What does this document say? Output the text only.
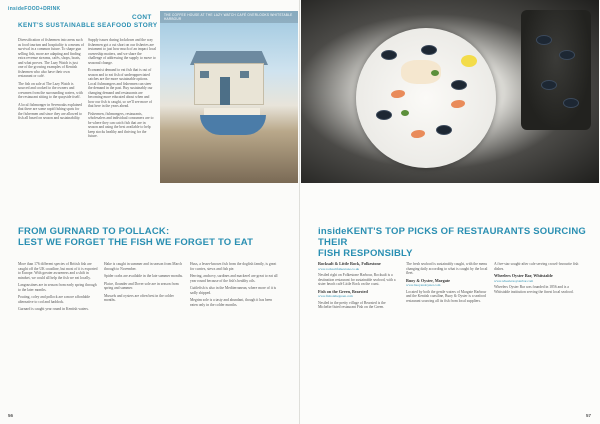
insideFOOD+DRINK
KENT'S SUSTAINABLE SEAFOOD STORY
CONT

Diversification of fishermen into areas such as food tourism and hospitality is a means of survival in a common future. To shape gun selling fish, more are adapting and finding extra revenue streams, cafés, shops, boats, and what proves. The Lazy Watch is just one of the growing examples of Kentish fishermen who also have their own restaurant or café.

The fish on sale at The Lazy Watch is sourced and cooked to the owners and crewmen from the surrounding waters, with the restaurant sitting to the quayside itself.

A local fishmonger in Sevenoaks explained that there are some rapid fishing spots for the fishermen and since they are allowed to fish all based on season and sustainability.

Supply issues during lockdown and the way fishermen got a cut short on our fisheries are testament to just how much of an impact local ownership matters, and we share the challenge of addressing the supply to move to seasonal change.

Economist demand to eat fish that is out of season and to eat fish of underappreciated catches are the more sustainable options. Local fishmongers and fishermen can steer the demand in the past. Buy sustainably our changing demand and restaurants are becoming more educated about when and how our fish is caught, so we'll see more of that here in the years ahead.

Fishermen, fishmongers, restaurants, wholesalers and individual consumers are to be where they can catch fish that are in season and using the best available to help keep stocks healthy and thriving for the future.

THE COFFEE HOUSE AT THE LAZY WATCH CAFÉ OVERLOOKS WHITSTABLE HARBOUR
FROM GURNARD TO POLLACK:
LEST WE FORGET THE FISH WE FORGET TO EAT

More than 176 different species of British fish are caught off the UK coastline, but most of it is exported to Europe. With greater awareness and a shift in mindset, we could all help the fish we eat locally.

Langoustines are in season from early spring through to the later months.

Pouting, coley and pollock are a more affordable alternative to cod and haddock.

Gurnard is caught year round in Kentish waters.

Hake is caught in summer and in season from March through to November.

Spider crabs are available in the late summer months.

Plaice, flounder and Dover sole are in season from spring and summer.

Mussels and oysters are often best in the colder months.

Huss, a lesser-known fish from the dogfish family, is great for curries, stews and fish pie.

Herring, anchovy, sardines and mackerel are great to eat all year round because of the fish's healthy oils.

Cuttlefish is also in the Mediterranean, where more of it is sadly shipped.

Megrim sole is a tasty and abundant, though it has been eaten only in the colder months.

56	57
insideKENT'S TOP PICKS OF RESTAURANTS SOURCING THEIR
FISH RESPONSIBLY
Rocksalt & Little Rock, Folkestone
www.rocksaltfolkestone.co.uk

Nestled right on Folkestone Harbour, Rocksalt is a destination restaurant for sustainable seafood, with a sister beach café Little Rock on the coast.

Fish on the Green, Bearsted
www.fishonthegreen.com

Nestled in the pretty village of Bearsted is the Michelin-listed restaurant Fish on the Green.

The fresh seafood is sustainably caught, with the menu changing daily according to what is caught by the local fleet.

Buoy & Oyster, Margate
www.buoyandoyster.com

Located by both the gentle waters of Margate Harbour and the Kentish coastline, Buoy & Oyster is a seafood restaurant sourcing all its fish from local suppliers.

A five-star sought-after cafe serving crowd-favourite fish dishes.

Wheelers Oyster Bar, Whitstable
www.wheelersoysterbar.com

Wheelers Oyster Bar was founded in 1856 and is a Whitstable institution serving the finest local seafood.
